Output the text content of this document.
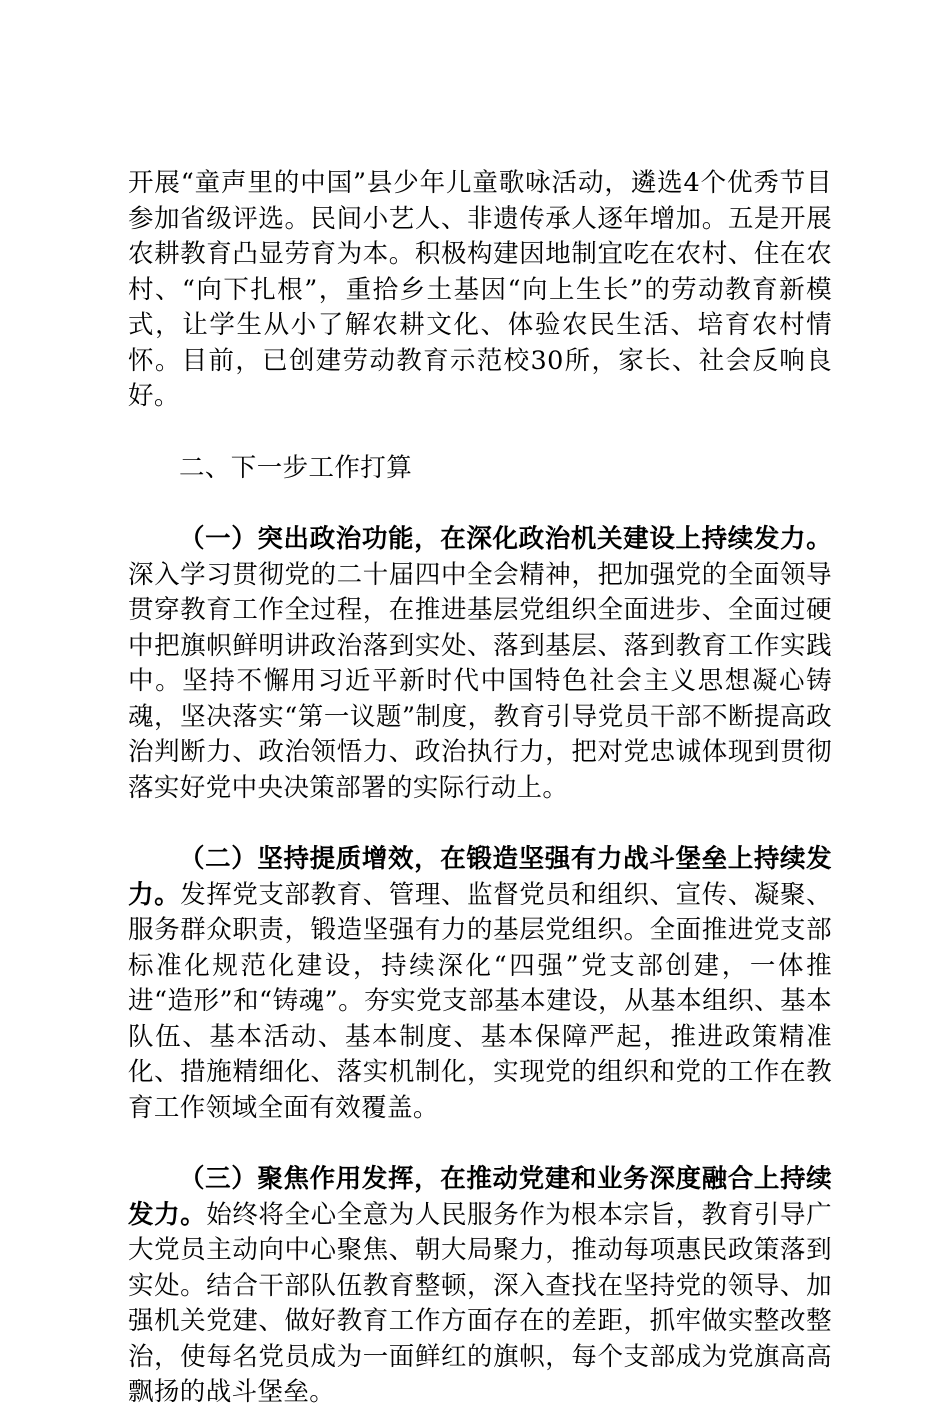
开展“童声里的中国”县少年儿童歌咏活动，遴选4个优秀节目参加省级评选。民间小艺人、非遗传承人逐年增加。五是开展农耕教育凸显劳育为本。积极构建因地制宜吃在农村、住在农村、“向下扎根”，重拾乡土基因“向上生长”的劳动教育新模式，让学生从小了解农耕文化、体验农民生活、培育农村情怀。目前，已创建劳动教育示范校30所，家长、社会反响良好。

二、下一步工作打算

（一）突出政治功能，在深化政治机关建设上持续发力。深入学习贯彻党的二十届四中全会精神，把加强党的全面领导贯穿教育工作全过程，在推进基层党组织全面进步、全面过硬中把旗帜鲜明讲政治落到实处、落到基层、落到教育工作实践中。坚持不懈用习近平新时代中国特色社会主义思想凝心铸魂，坚决落实“第一议题”制度，教育引导党员干部不断提高政治判断力、政治领悟力、政治执行力，把对党忠诚体现到贯彻落实好党中央决策部署的实际行动上。

（二）坚持提质增效，在锻造坚强有力战斗堡垒上持续发力。发挥党支部教育、管理、监督党员和组织、宣传、凝聚、服务群众职责，锻造坚强有力的基层党组织。全面推进党支部标准化规范化建设，持续深化“四强”党支部创建，一体推进“造形”和“铸魂”。夯实党支部基本建设，从基本组织、基本队伍、基本活动、基本制度、基本保障严起，推进政策精准化、措施精细化、落实机制化，实现党的组织和党的工作在教育工作领域全面有效覆盖。

（三）聚焦作用发挥，在推动党建和业务深度融合上持续发力。始终将全心全意为人民服务作为根本宗旨，教育引导广大党员主动向中心聚焦、朝大局聚力，推动每项惠民政策落到实处。结合干部队伍教育整顿，深入查找在坚持党的领导、加强机关党建、做好教育工作方面存在的差距，抓牢做实整改整治，使每名党员成为一面鲜红的旗帜，每个支部成为党旗高高飘扬的战斗堡垒。
